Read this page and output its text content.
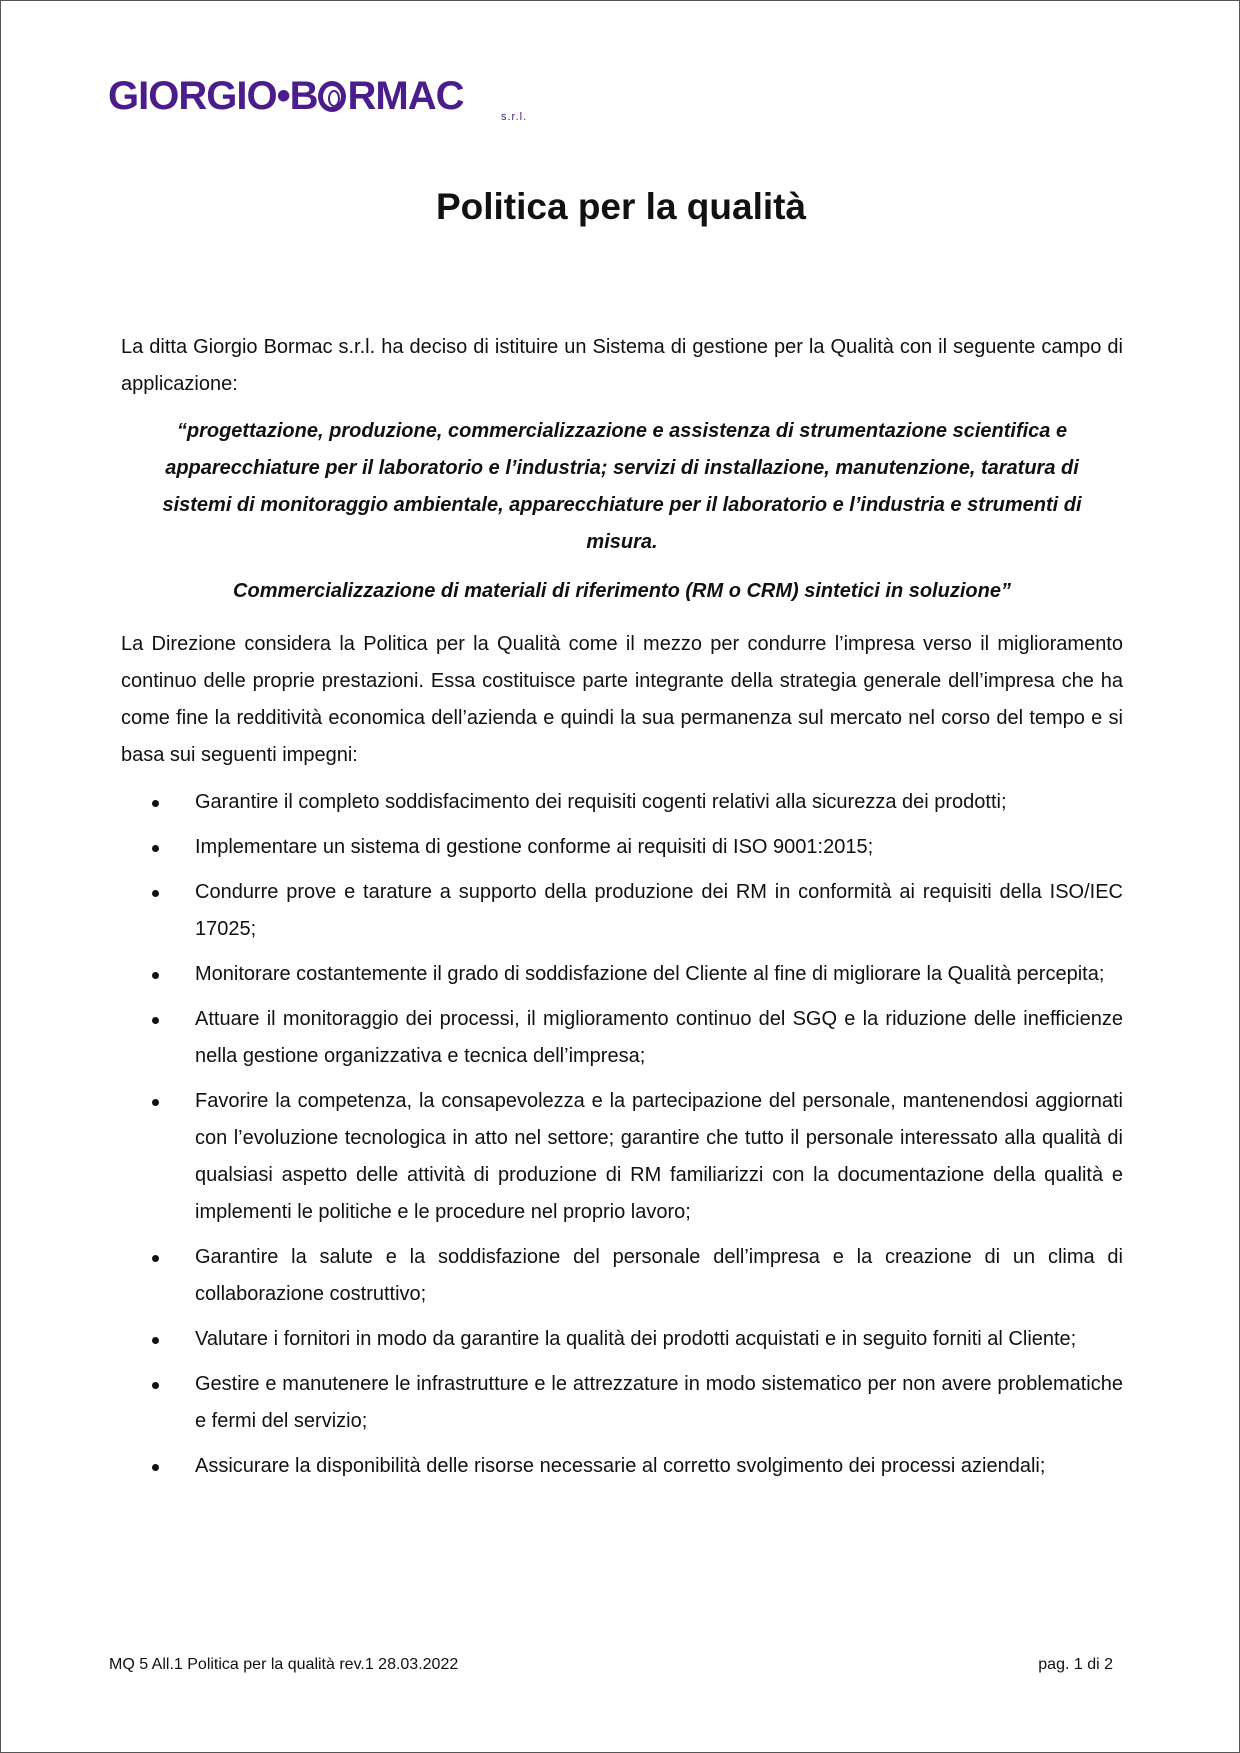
GIORGIO•B RMAC	s.r.l.
Politica per la qualità

La ditta Giorgio Bormac s.r.l. ha deciso di istituire un Sistema di gestione per la Qualità con il seguente campo di applicazione:

“progettazione, produzione, commercializzazione e assistenza di strumentazione scientifica e apparecchiature per il laboratorio e l’industria; servizi di installazione, manutenzione, taratura di sistemi di monitoraggio ambientale, apparecchiature per il laboratorio e l’industria e strumenti di misura.

Commercializzazione di materiali di riferimento (RM o CRM) sintetici in soluzione”

La Direzione considera la Politica per la Qualità come il mezzo per condurre l’impresa verso il miglioramento continuo delle proprie prestazioni. Essa costituisce parte integrante della strategia generale dell’impresa che ha come fine la redditività economica dell’azienda e quindi la sua permanenza sul mercato nel corso del tempo e si basa sui seguenti impegni:

Garantire il completo soddisfacimento dei requisiti cogenti relativi alla sicurezza dei prodotti;
Implementare un sistema di gestione conforme ai requisiti di ISO 9001:2015;
Condurre prove e tarature a supporto della produzione dei RM in conformità ai requisiti della ISO/IEC 17025;
Monitorare costantemente il grado di soddisfazione del Cliente al fine di migliorare la Qualità percepita;
Attuare il monitoraggio dei processi, il miglioramento continuo del SGQ e la riduzione delle inefficienze nella gestione organizzativa e tecnica dell’impresa;
Favorire la competenza, la consapevolezza e la partecipazione del personale, mantenendosi aggiornati con l’evoluzione tecnologica in atto nel settore; garantire che tutto il personale interessato alla qualità di qualsiasi aspetto delle attività di produzione di RM familiarizzi con la documentazione della qualità e implementi le politiche e le procedure nel proprio lavoro;
Garantire la salute e la soddisfazione del personale dell’impresa e la creazione di un clima di collaborazione costruttivo;
Valutare i fornitori in modo da garantire la qualità dei prodotti acquistati e in seguito forniti al Cliente;
Gestire e manutenere le infrastrutture e le attrezzature in modo sistematico per non avere problematiche e fermi del servizio;
Assicurare la disponibilità delle risorse necessarie al corretto svolgimento dei processi aziendali;
MQ 5 All.1 Politica per la qualità rev.1 28.03.2022	pag. 1 di 2
